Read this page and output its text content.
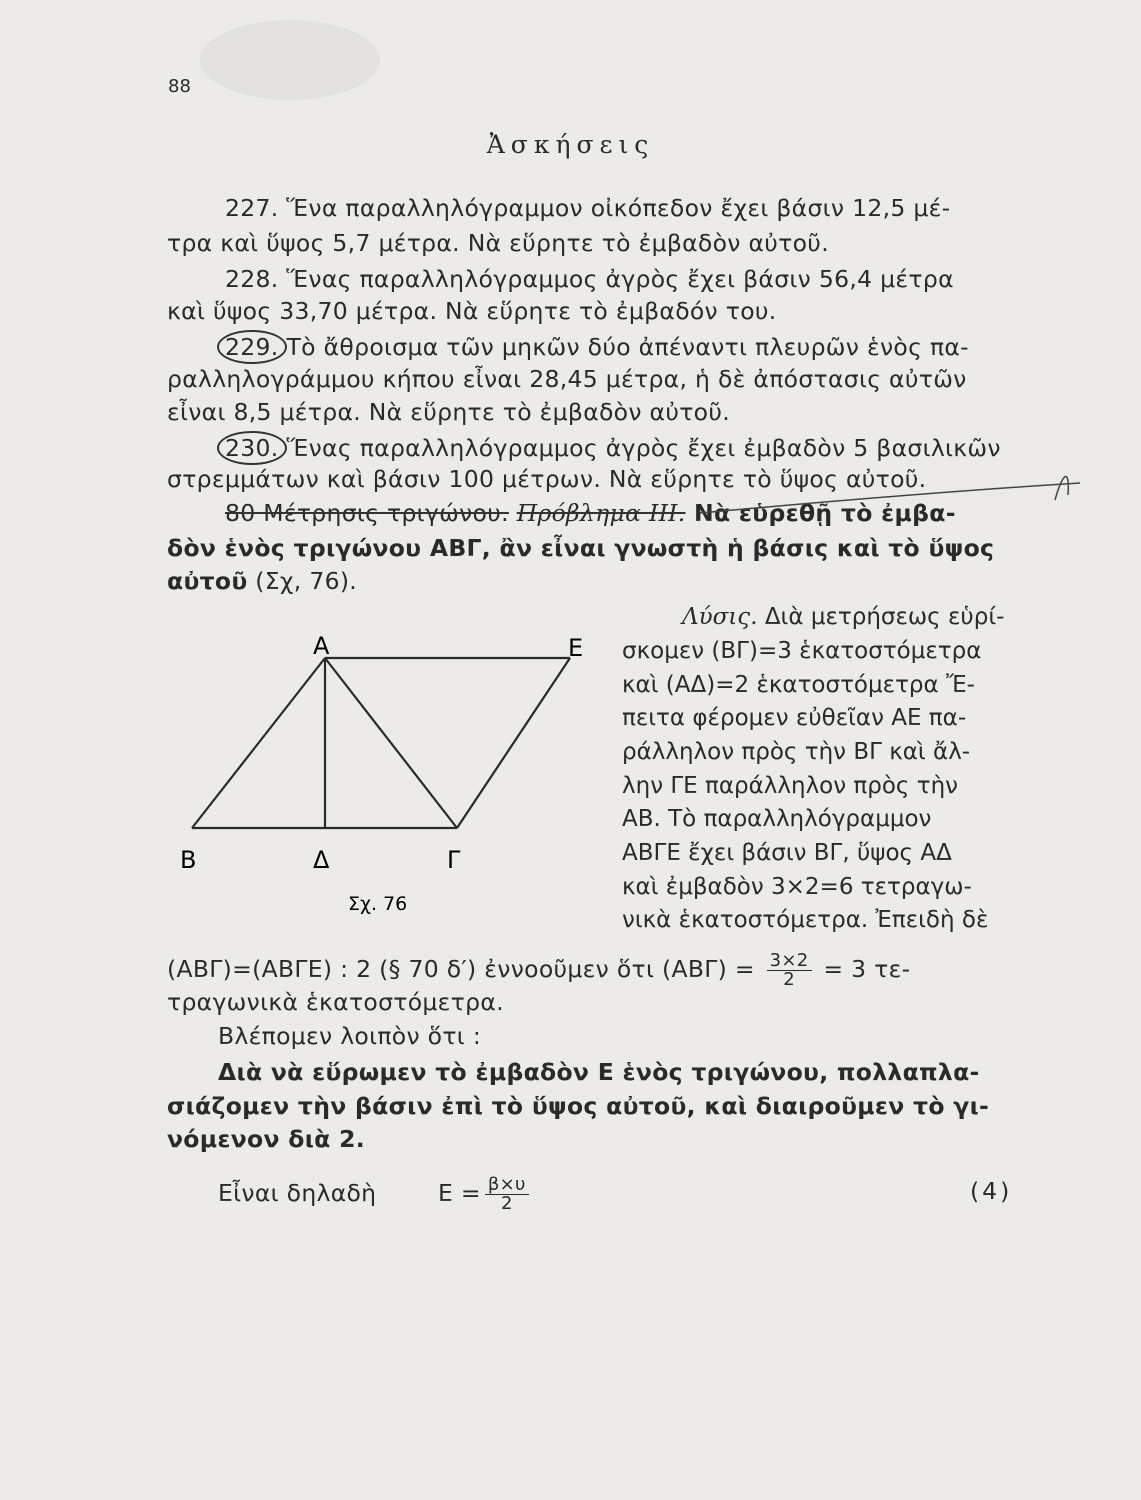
88
Ἀσκήσεις
227. Ἕνα παραλληλόγραμμον οἰκόπεδον ἔχει βάσιν 12,5 μέ-
τρα καὶ ὕψος 5,7 μέτρα. Νὰ εὕρητε τὸ ἐμβαδὸν αὐτοῦ.
228. Ἕνας παραλληλόγραμμος ἀγρὸς ἔχει βάσιν 56,4 μέτρα
καὶ ὕψος 33,70 μέτρα. Νὰ εὕρητε τὸ ἐμβαδόν του.
229. Τὸ ἄθροισμα τῶν μηκῶν δύο ἀπέναντι πλευρῶν ἑνὸς πα-
ραλληλογράμμου κήπου εἶναι 28,45 μέτρα, ἡ δὲ ἀπόστασις αὐτῶν
εἶναι 8,5 μέτρα. Νὰ εὕρητε τὸ ἐμβαδὸν αὐτοῦ.
230. Ἕνας παραλληλόγραμμος ἀγρὸς ἔχει ἐμβαδὸν 5 βασιλικῶν
στρεμμάτων καὶ βάσιν 100 μέτρων. Νὰ εὕρητε τὸ ὕψος αὐτοῦ.
80 Μέτρησις τριγώνου. Πρόβλημα ΙΙΙ. Νὰ εὑρεθῇ τὸ ἐμβα-
δὸν ἑνὸς τριγώνου ΑΒΓ, ἂν εἶναι γνωστὴ ἡ βάσις καὶ τὸ ὕψος
αὐτοῦ (Σχ, 76).
Λύσις. Διὰ μετρήσεως εὑρί-
σκομεν (ΒΓ)=3 ἑκατοστόμετρα
καὶ (ΑΔ)=2 ἑκατοστόμετρα Ἔ-
πειτα φέρομεν εὐθεῖαν ΑΕ πα-
ράλληλον πρὸς τὴν ΒΓ καὶ ἄλ-
λην ΓΕ παράλληλον πρὸς τὴν
ΑΒ. Τὸ παραλληλόγραμμον
ΑΒΓΕ ἔχει βάσιν ΒΓ, ὕψος ΑΔ
καὶ ἐμβαδὸν 3×2=6 τετραγω-
νικὰ ἑκατοστόμετρα. Ἐπειδὴ δὲ
Α	Ε
Β	Δ	Γ
Σχ. 76
(ΑΒΓ)=(ΑΒΓΕ) : 2 (§ 70 δ′) ἐννοοῦμεν ὅτι $(AB\Gamma) = \frac{3\times 2}{2} = 3$ τε-
τραγωνικὰ ἑκατοστόμετρα.
Βλέπομεν λοιπὸν ὅτι :
Διὰ νὰ εὕρωμεν τὸ ἐμβαδὸν Ε ἑνὸς τριγώνου, πολλαπλα-
σιάζομεν τὴν βάσιν ἐπὶ τὸ ὕψος αὐτοῦ, καὶ διαιροῦμεν τὸ γι-
νόμενον διὰ 2.
Εἶναι δηλαδὴ	$E = \frac{\beta\times\upsilon}{2}$	(4)
